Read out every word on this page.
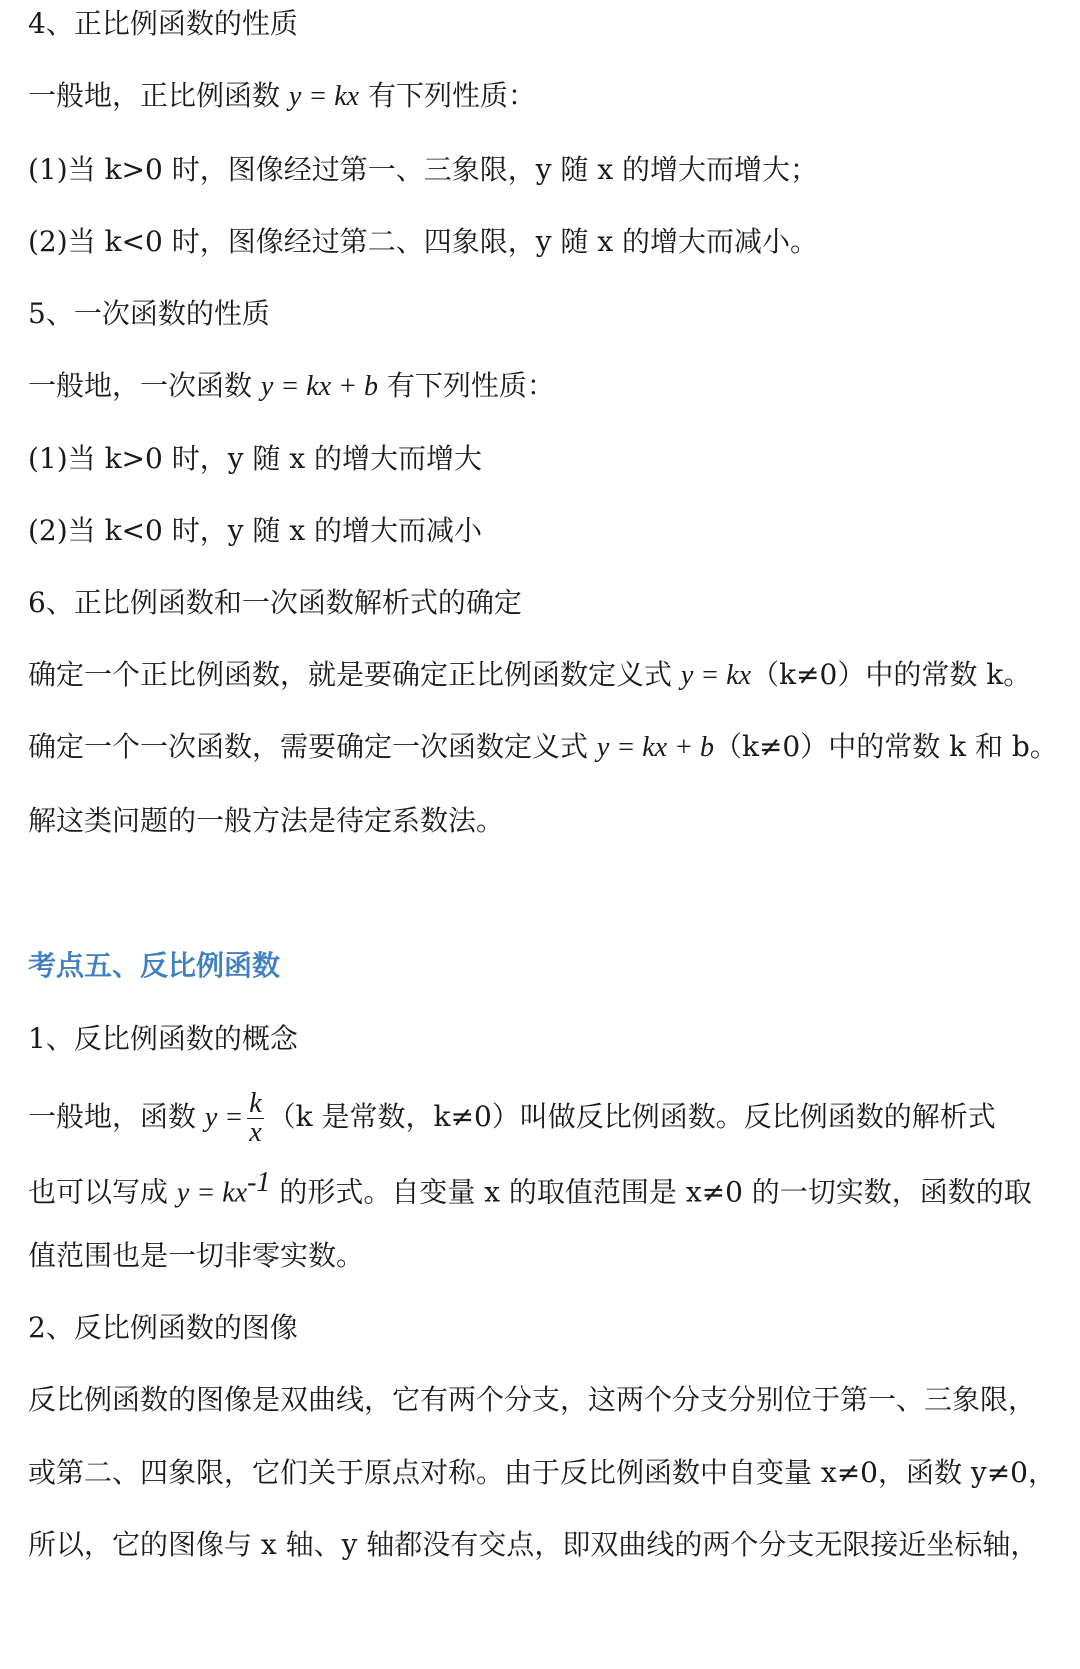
4、正比例函数的性质
一般地，正比例函数 y = kx 有下列性质：
(1)当 k>0 时，图像经过第一、三象限，y 随 x 的增大而增大；
(2)当 k<0 时，图像经过第二、四象限，y 随 x 的增大而减小。
5、一次函数的性质
一般地，一次函数 y = kx + b 有下列性质：
(1)当 k>0 时，y 随 x 的增大而增大
(2)当 k<0 时，y 随 x 的增大而减小
6、正比例函数和一次函数解析式的确定
确定一个正比例函数，就是要确定正比例函数定义式 y = kx（k≠0）中的常数 k。
确定一个一次函数，需要确定一次函数定义式 y = kx + b（k≠0）中的常数 k 和 b。
解这类问题的一般方法是待定系数法。
考点五、反比例函数
1、反比例函数的概念
一般地，函数 $y = \frac{k}{x} (k$ 是常数，k≠0）叫做反比例函数。反比例函数的解析式
也可以写成 $y = kx^{-1}$ 的形式。自变量 x 的取值范围是 x≠0 的一切实数，函数的取
值范围也是一切非零实数。
2、反比例函数的图像
反比例函数的图像是双曲线，它有两个分支，这两个分支分别位于第一、三象限，
或第二、四象限，它们关于原点对称。由于反比例函数中自变量 x≠0，函数 y≠0，
所以，它的图像与 x 轴、y 轴都没有交点，即双曲线的两个分支无限接近坐标轴，
